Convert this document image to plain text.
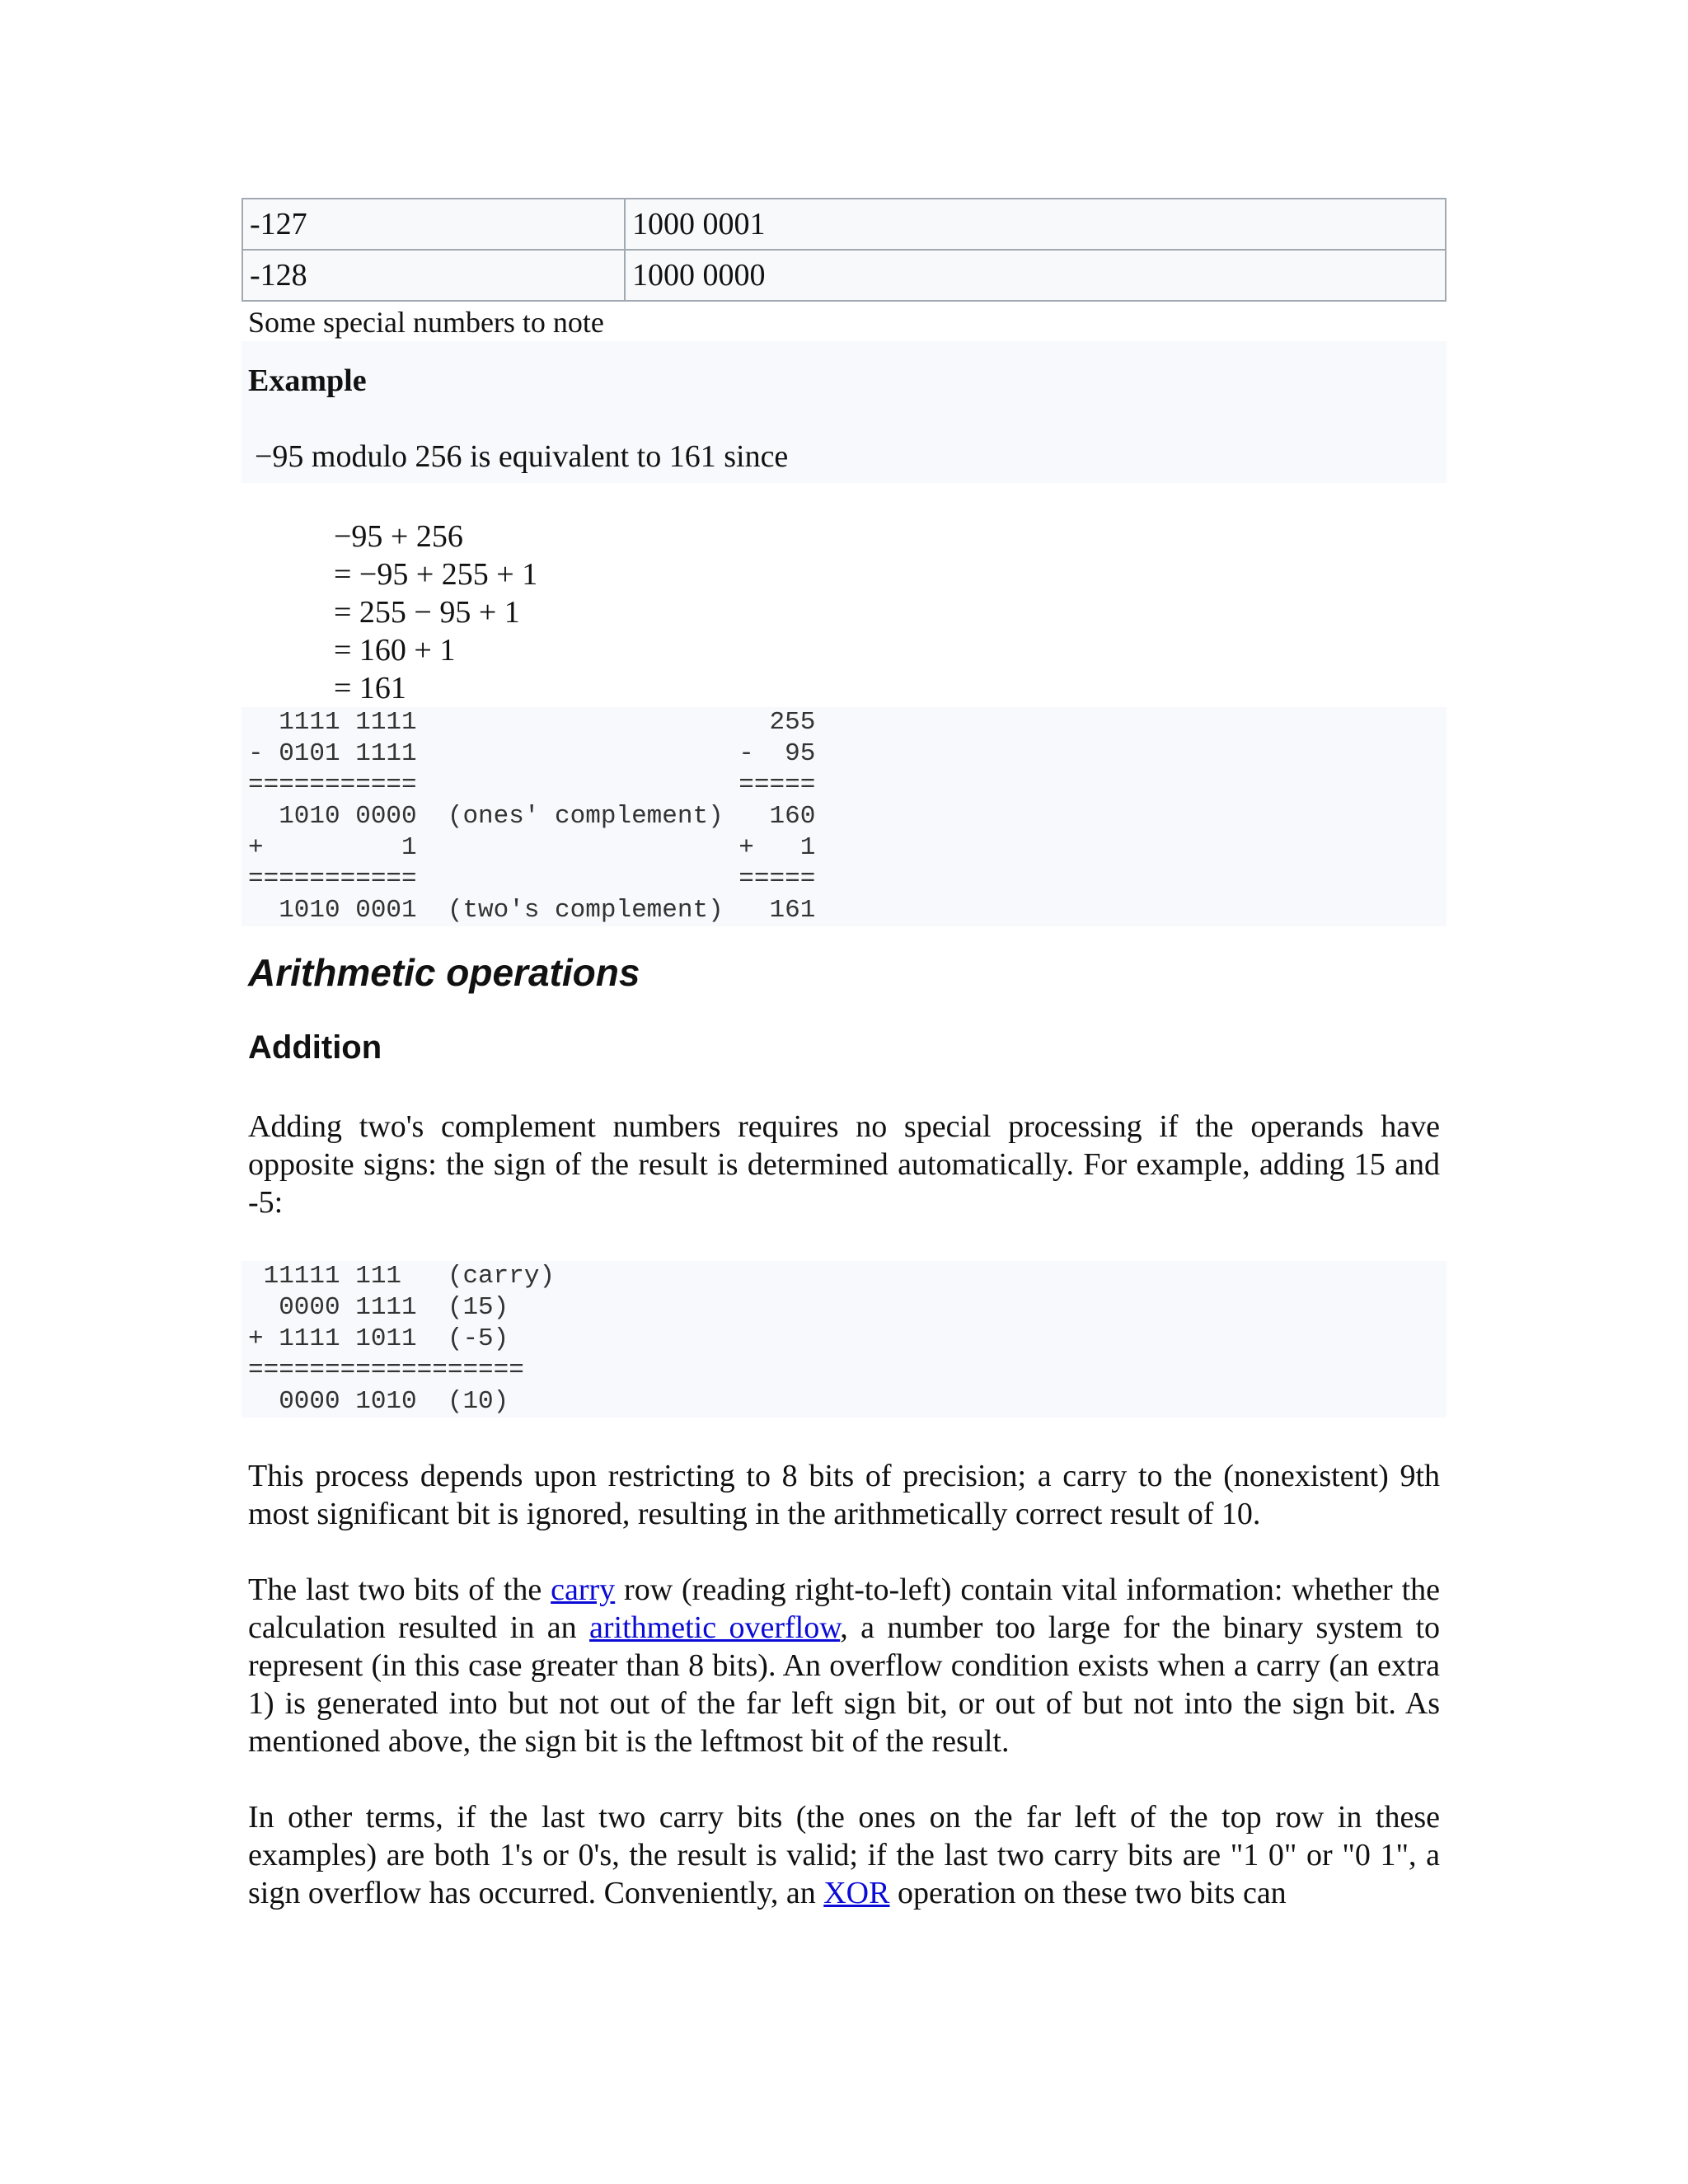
-127	1000 0001
-128	1000 0000
Some special numbers to note
Example
−95 modulo 256 is equivalent to 161 since
−95 + 256
= −95 + 255 + 1
= 255 − 95 + 1
= 160 + 1
= 161
1111 1111                       255
- 0101 1111                     -  95
===========                     =====
1010 0000  (ones' complement)   160
+         1                     +   1
===========                     =====
1010 0001  (two's complement)   161
Arithmetic operations
Addition

Adding two's complement numbers requires no special processing if the operands have opposite signs: the sign of the result is determined automatically. For example, adding 15 and -5:

11111 111   (carry)
0000 1111  (15)
+ 1111 1011  (-5)
==================
0000 1010  (10)

This process depends upon restricting to 8 bits of precision; a carry to the (nonexistent) 9th most significant bit is ignored, resulting in the arithmetically correct result of 10.

The last two bits of the carry row (reading right-to-left) contain vital information: whether the calculation resulted in an arithmetic overflow, a number too large for the binary system to represent (in this case greater than 8 bits). An overflow condition exists when a carry (an extra 1) is generated into but not out of the far left sign bit, or out of but not into the sign bit. As mentioned above, the sign bit is the leftmost bit of the result.

In other terms, if the last two carry bits (the ones on the far left of the top row in these examples) are both 1's or 0's, the result is valid; if the last two carry bits are "1 0" or "0 1", a sign overflow has occurred. Conveniently, an XOR operation on these two bits can
